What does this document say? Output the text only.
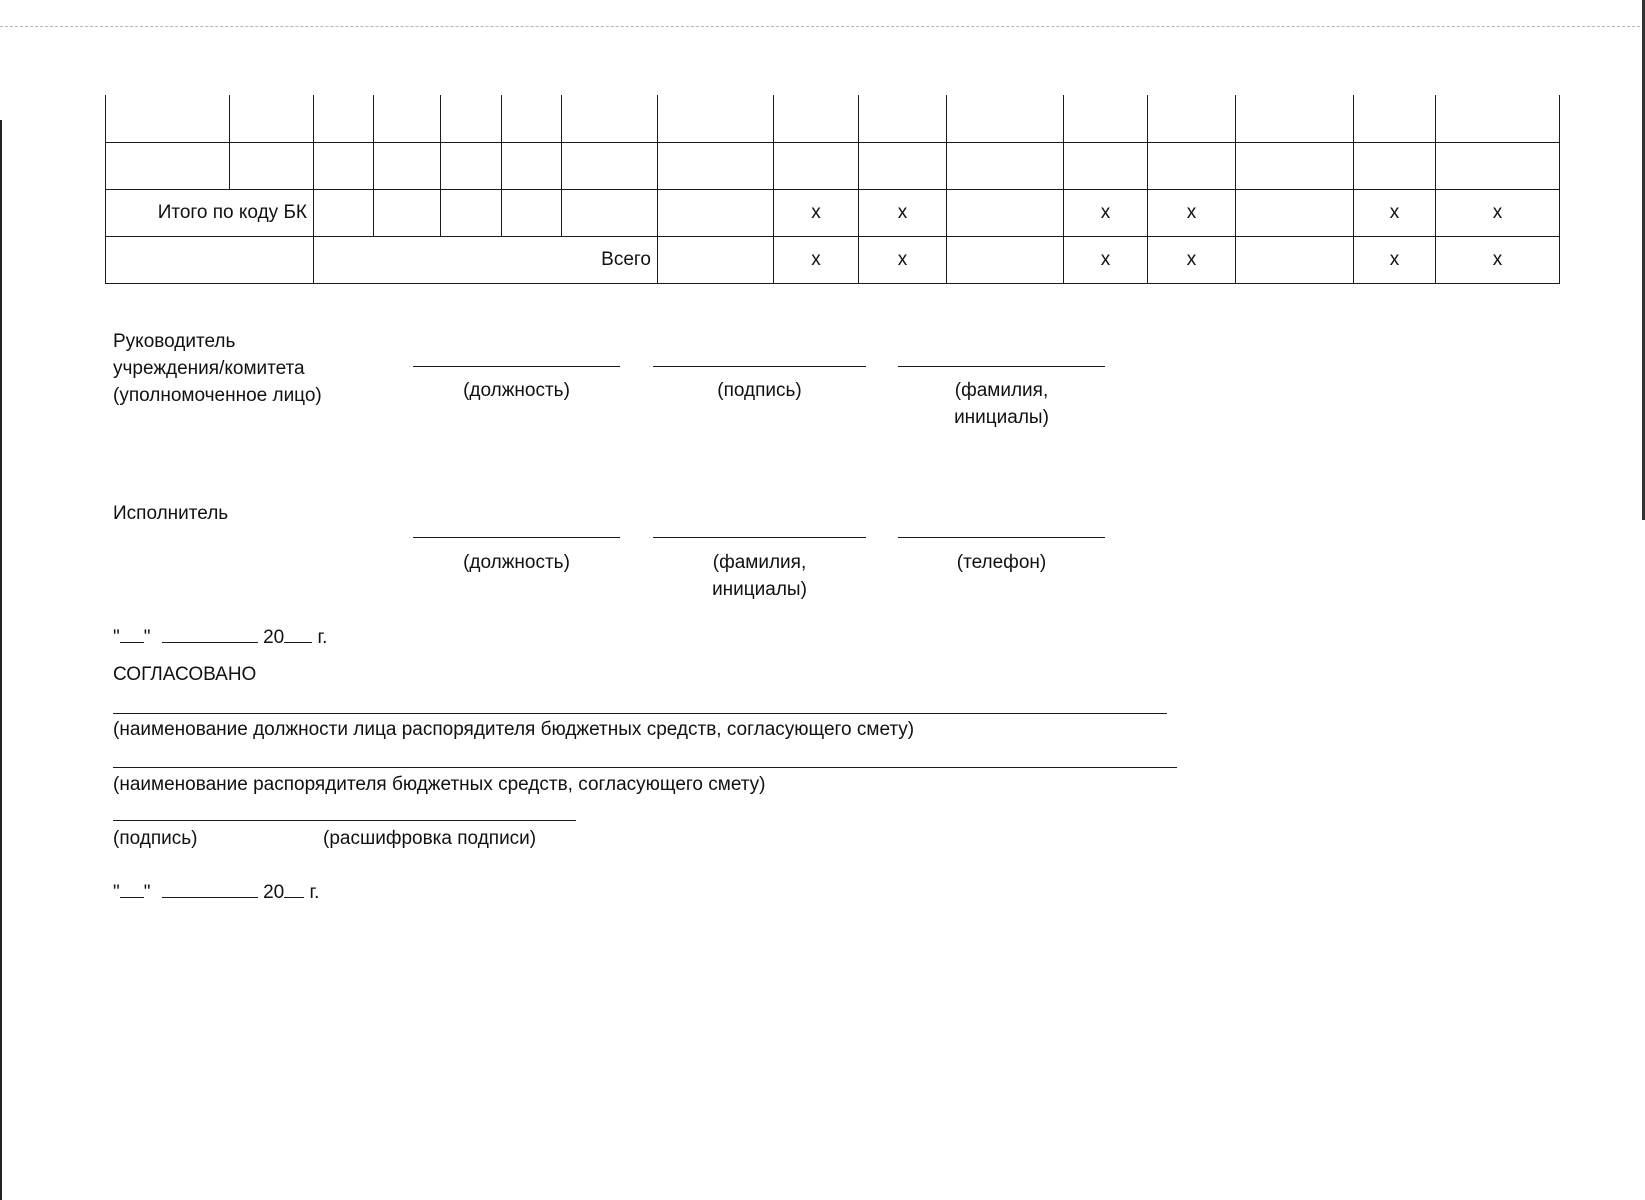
Итого по коду БК								x	x		x	x		x	x
		Всего						x	x		x	x		x	x
Руководитель
учреждения/комитета
(уполномоченное лицо)	(должность)	(подпись)	(фамилия,
инициалы)
Исполнитель
(должность)	(фамилия,
инициалы)
(телефон)
" "	20 г.
СОГЛАСОВАНО
(наименование должности лица распорядителя бюджетных средств, согласующего смету)
(наименование распорядителя бюджетных средств, согласующего смету)
(подпись)	(расшифровка подписи)
" "	20 г.
